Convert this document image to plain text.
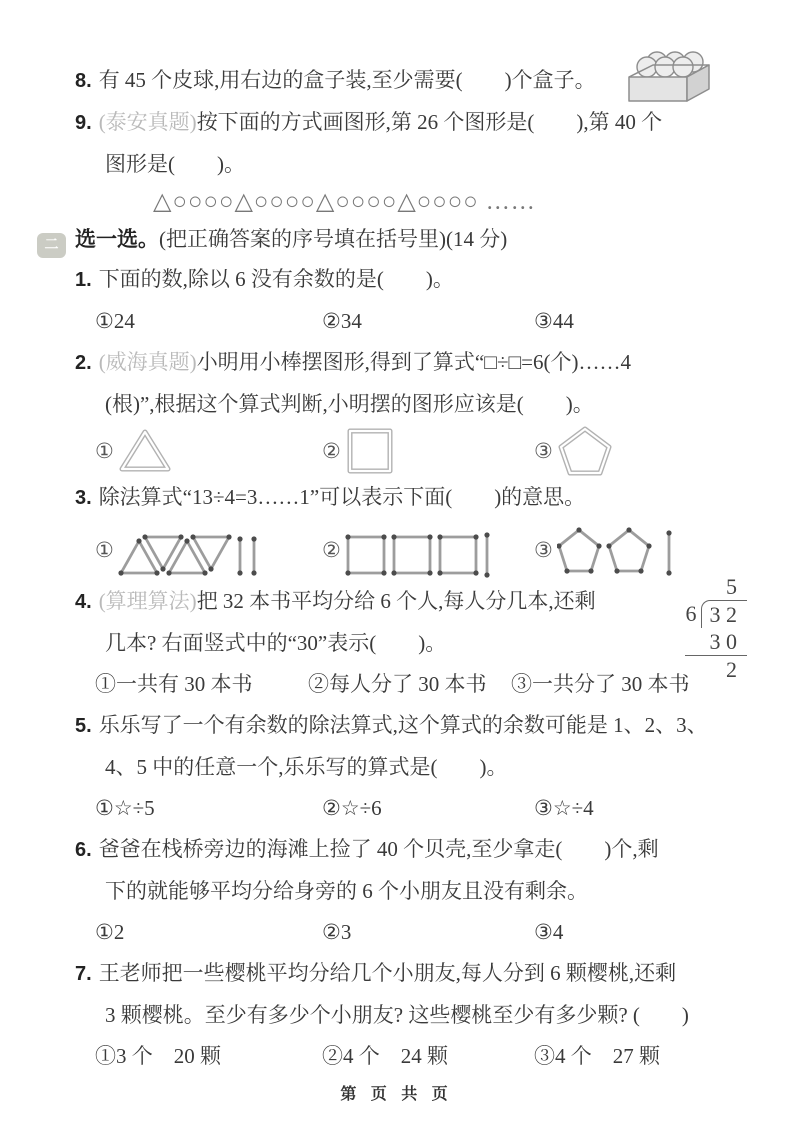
8. 有 45 个皮球,用右边的盒子装,至少需要(　　)个盒子。
9. (泰安真题)按下面的方式画图形,第 26 个图形是(　　),第 40 个
图形是(　　)。
△○○○○△○○○○△○○○○△○○○○ ……
二 选一选。(把正确答案的序号填在括号里)(14 分)
1. 下面的数,除以 6 没有余数的是(　　)。
①24	②34	③44
2. (威海真题)小明用小棒摆图形,得到了算式“□÷□=6(个)……4
(根)”,根据这个算式判断,小明摆的图形应该是(　　)。
①	②	③
3. 除法算式“13÷4=3……1”可以表示下面(　　)的意思。
①	②	③
4. (算理算法)把 32 本书平均分给 6 个人,每人分几本,还剩
几本? 右面竖式中的“30”表示(　　)。
5
6 3 2
3 0
2
①一共有 30 本书	②每人分了 30 本书	③一共分了 30 本书
5. 乐乐写了一个有余数的除法算式,这个算式的余数可能是 1、2、3、
4、5 中的任意一个,乐乐写的算式是(　　)。
①☆÷5	②☆÷6	③☆÷4
6. 爸爸在栈桥旁边的海滩上捡了 40 个贝壳,至少拿走(　　)个,剩
下的就能够平均分给身旁的 6 个小朋友且没有剩余。
①2	②3	③4
7. 王老师把一些樱桃平均分给几个小朋友,每人分到 6 颗樱桃,还剩
3 颗樱桃。至少有多少个小朋友? 这些樱桃至少有多少颗? (　　)
①3 个　20 颗	②4 个　24 颗	③4 个　27 颗
第 页 共 页
